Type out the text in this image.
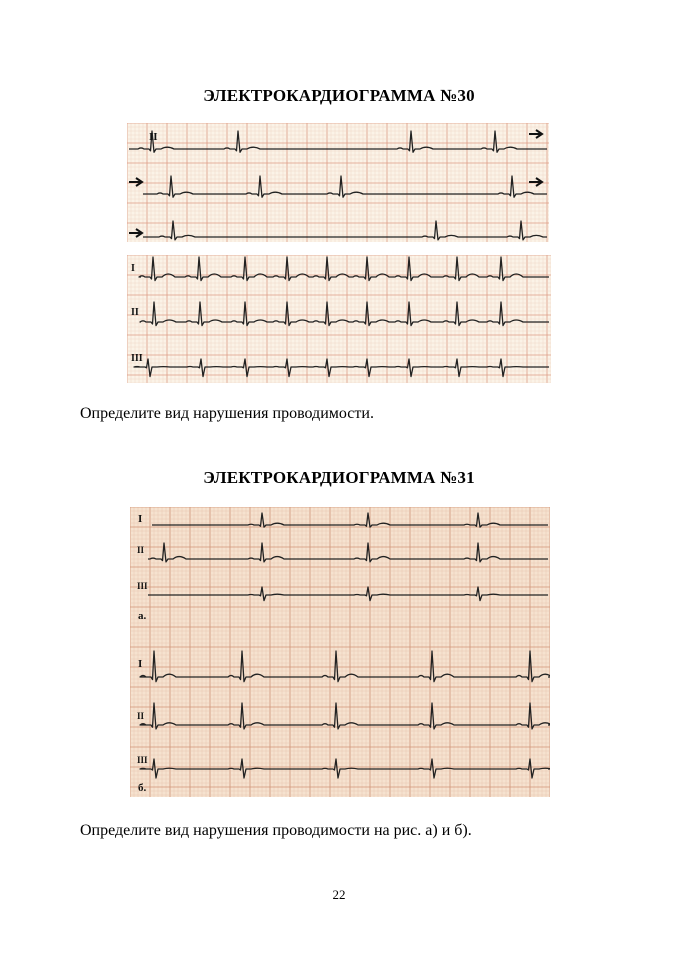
ЭЛЕКТРОКАРДИОГРАММА №30
II
I
II
III
Определите вид нарушения проводимости.
ЭЛЕКТРОКАРДИОГРАММА №31
I
II
III
а.
I
II
III
б.
Определите вид нарушения проводимости на рис. а) и б).
22
